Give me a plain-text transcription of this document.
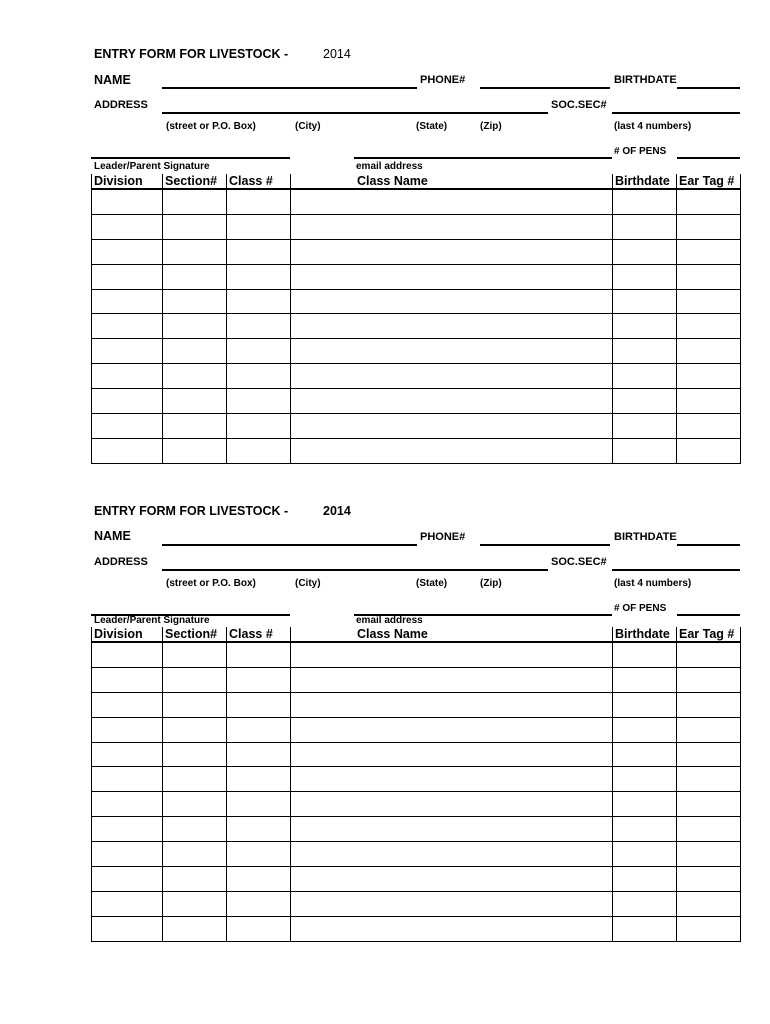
ENTRY FORM FOR LIVESTOCK -	2014
NAME	PHONE#	BIRTHDATE
ADDRESS	SOC.SEC#
(street or P.O. Box)	(City)	(State)	(Zip)	(last 4 numbers)
# OF PENS
Leader/Parent Signature	email address
Division	Section#	Class #	Class Name	Birthdate	Ear Tag #

ENTRY FORM FOR LIVESTOCK -	2014
NAME	PHONE#	BIRTHDATE
ADDRESS	SOC.SEC#
(street or P.O. Box)	(City)	(State)	(Zip)	(last 4 numbers)
# OF PENS
Leader/Parent Signature	email address
Division	Section#	Class #	Class Name	Birthdate	Ear Tag #
